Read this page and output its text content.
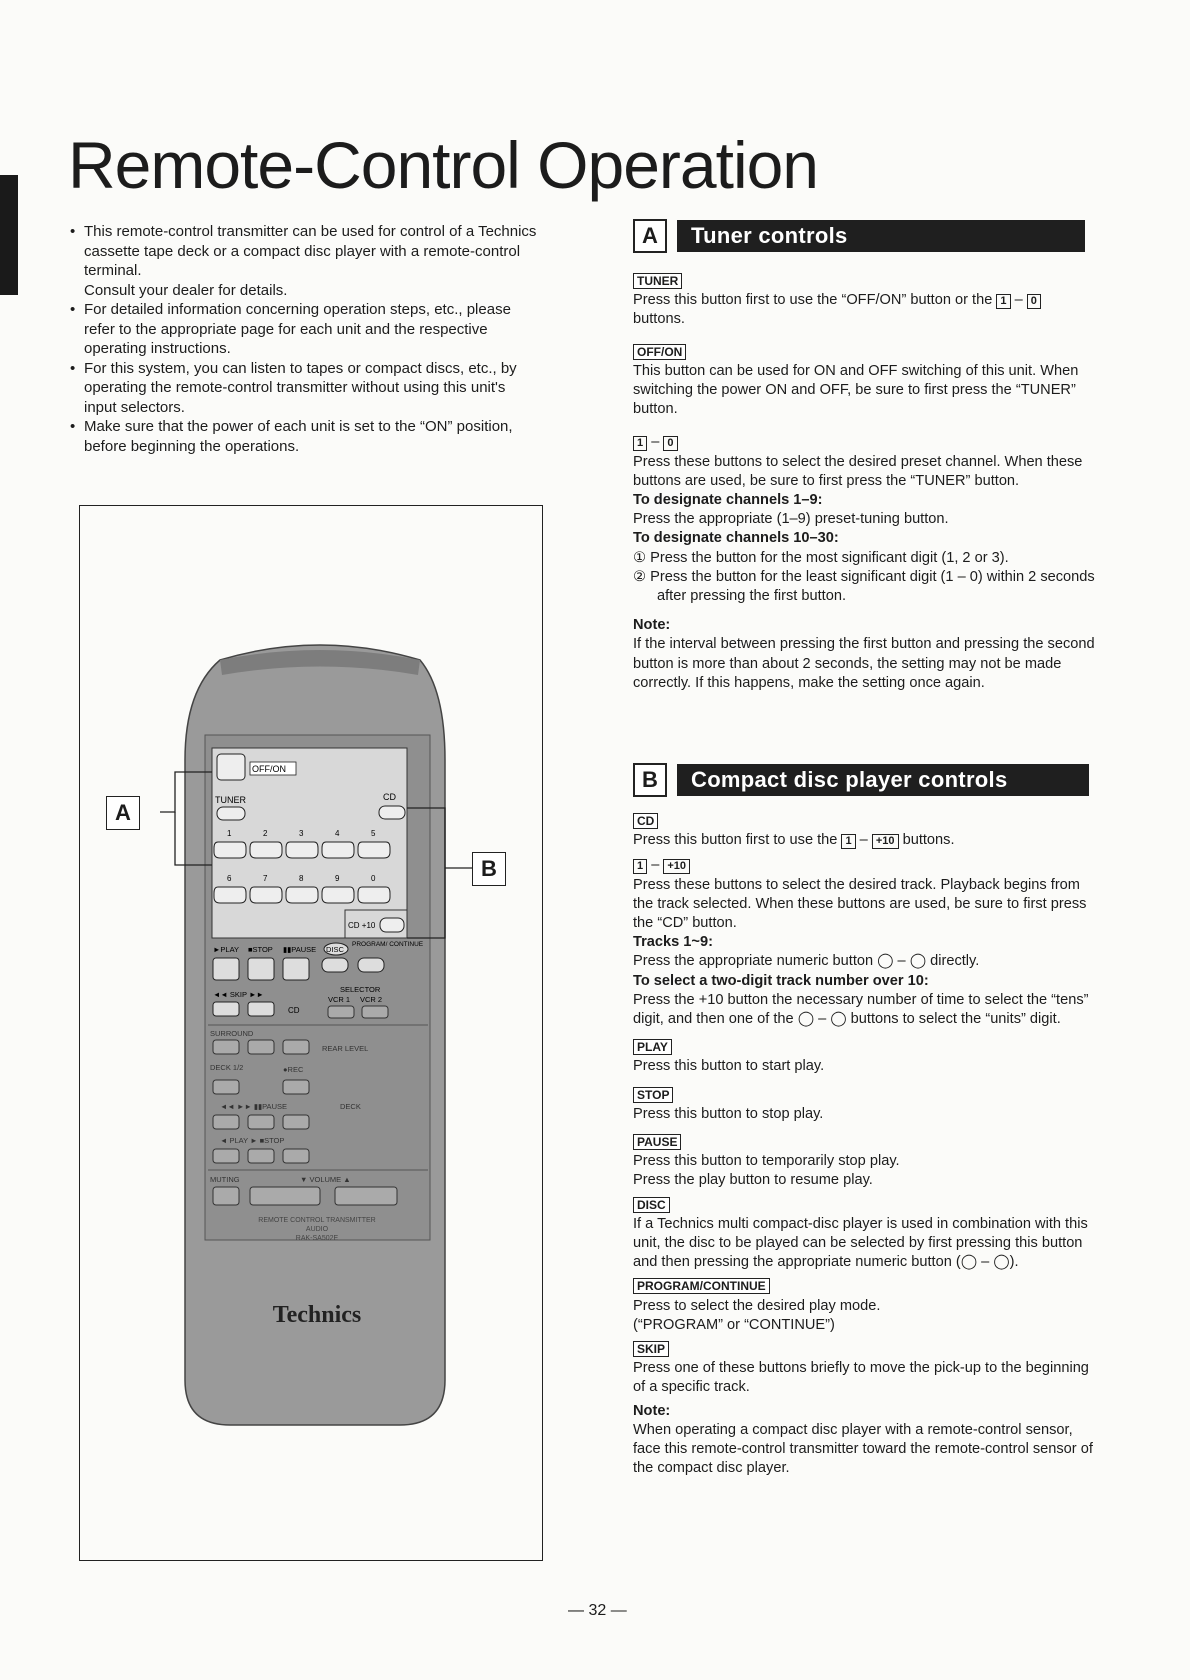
Remote-Control Operation
• This remote-control transmitter can be used for control of a Technics cassette tape deck or a compact disc player with a remote-control terminal.
Consult your dealer for details.
• For detailed information concerning operation steps, etc., please refer to the appropriate page for each unit and the respective operating instructions.
• For this system, you can listen to tapes or compact discs, etc., by operating the remote-control transmitter without using this unit's input selectors.
• Make sure that the power of each unit is set to the “ON” position, before beginning the operations.
OFF/ON
TUNER	CD
1	2	3	4	5
6	7	8	9	0
CD +10
►PLAY ■STOP ▮▮PAUSE DISC
PROGRAM/ CONTINUE
◄◄ SKIP ►►
CD
SELECTOR
VCR 1 VCR 2
SURROUND
REAR LEVEL
DECK 1/2	●REC
◄◄ ►► ▮▮PAUSE	DECK
◄ PLAY ► ■STOP
MUTING	▼ VOLUME ▲
REMOTE CONTROL TRANSMITTER
AUDIO
RAK-SA502E
Technics
A
B
A	Tuner controls
TUNER

Press this button first to use the “OFF/ON” button or the 1 – 0 buttons.

OFF/ON

This button can be used for ON and OFF switching of this unit. When switching the power ON and OFF, be sure to first press the “TUNER” button.

1 – 0

Press these buttons to select the desired preset channel. When these buttons are used, be sure to first press the “TUNER” button.

To designate channels 1–9:

Press the appropriate (1–9) preset-tuning button.

To designate channels 10–30:

① Press the button for the most significant digit (1, 2 or 3).

② Press the button for the least significant digit (1 – 0) within 2 seconds after pressing the first button.

Note:

If the interval between pressing the first button and pressing the second button is more than about 2 seconds, the setting may not be made correctly. If this happens, make the setting once again.

B	Compact disc player controls
CD

Press this button first to use the 1 – +10 buttons.

1 – +10

Press these buttons to select the desired track. Playback begins from the track selected. When these buttons are used, be sure to first press the “CD” button.

Tracks 1~9:

Press the appropriate numeric button ◯ – ◯ directly.

To select a two-digit track number over 10:

Press the +10 button the necessary number of time to select the “tens” digit, and then one of the ◯ – ◯ buttons to select the “units” digit.

PLAY

Press this button to start play.

STOP

Press this button to stop play.

PAUSE

Press this button to temporarily stop play.

Press the play button to resume play.

DISC

If a Technics multi compact-disc player is used in combination with this unit, the disc to be played can be selected by first pressing this button and then pressing the appropriate numeric button (◯ – ◯).

PROGRAM/CONTINUE

Press to select the desired play mode.

(“PROGRAM” or “CONTINUE”)

SKIP

Press one of these buttons briefly to move the pick-up to the beginning of a specific track.

Note:

When operating a compact disc player with a remote-control sensor, face this remote-control transmitter toward the remote-control sensor of the compact disc player.

— 32 —
